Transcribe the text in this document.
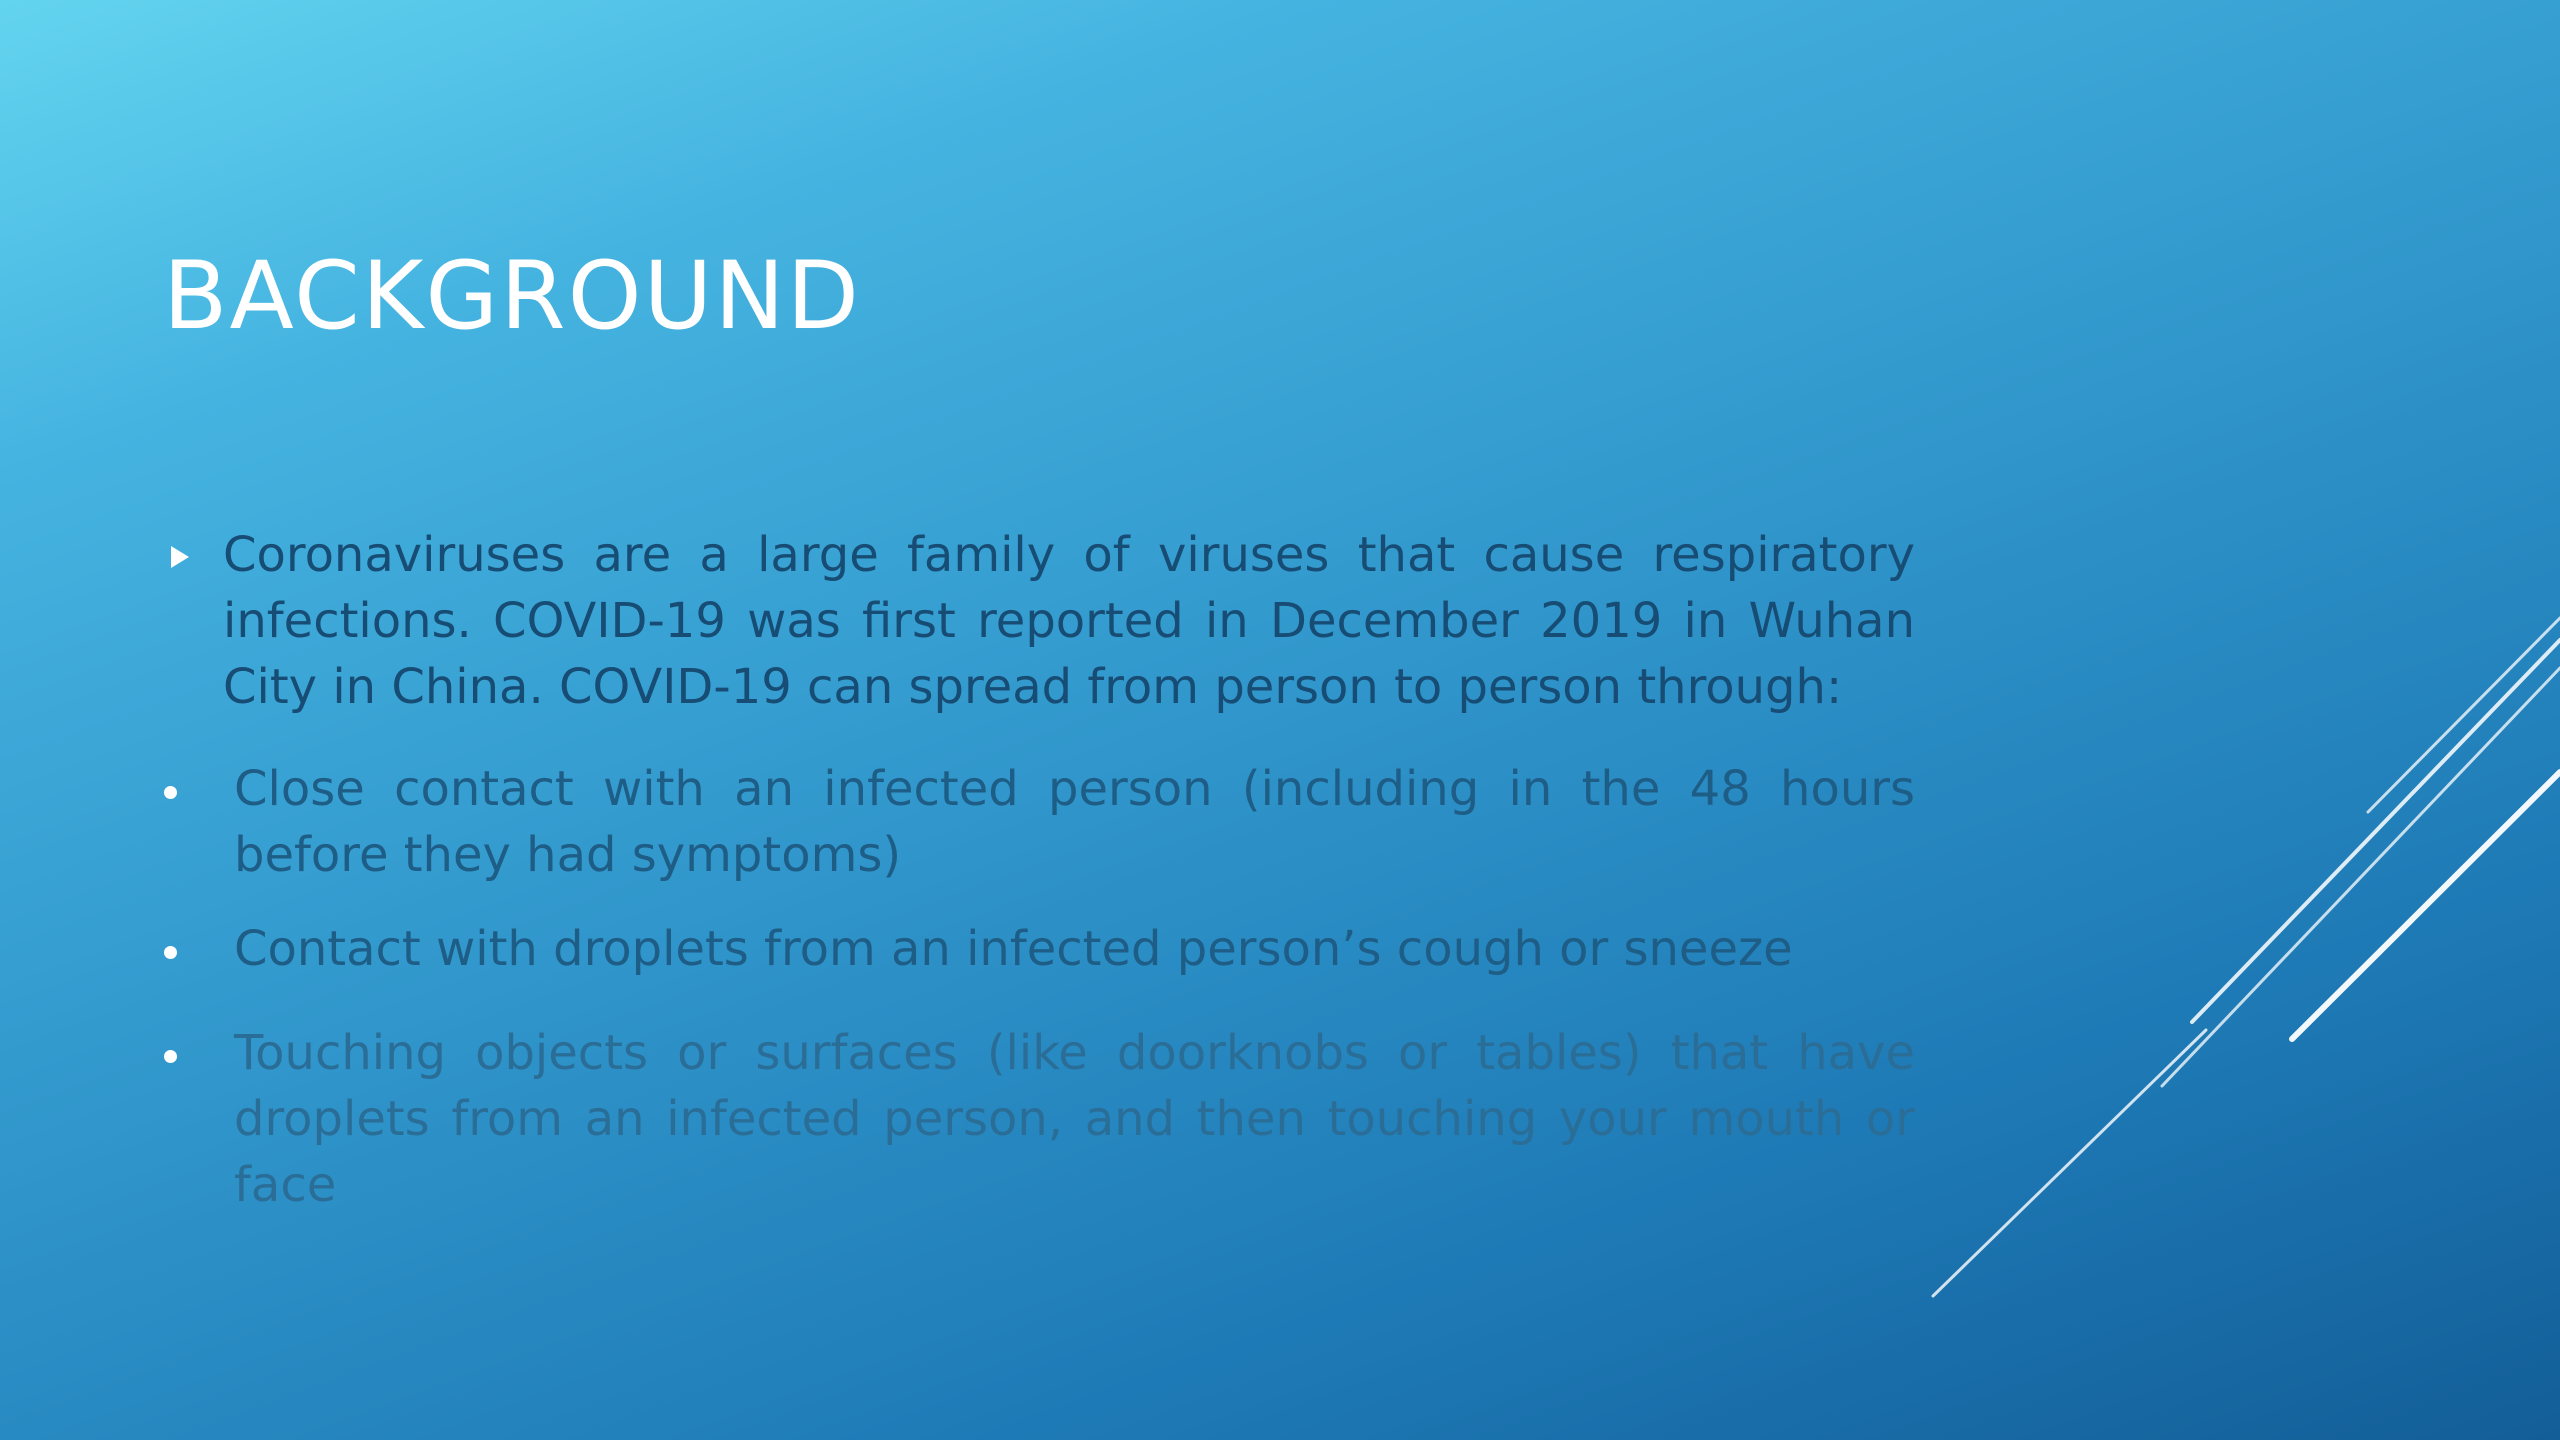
BACKGROUND
Coronaviruses are a large family of viruses that cause respiratory infections. COVID-19 was first reported in December 2019 in Wuhan City in China. COVID-19 can spread from person to person through:
Close contact with an infected person (including in the 48 hours before they had symptoms)
Contact with droplets from an infected person’s cough or sneeze
Touching objects or surfaces (like doorknobs or tables) that have droplets from an infected person, and then touching your mouth or face
